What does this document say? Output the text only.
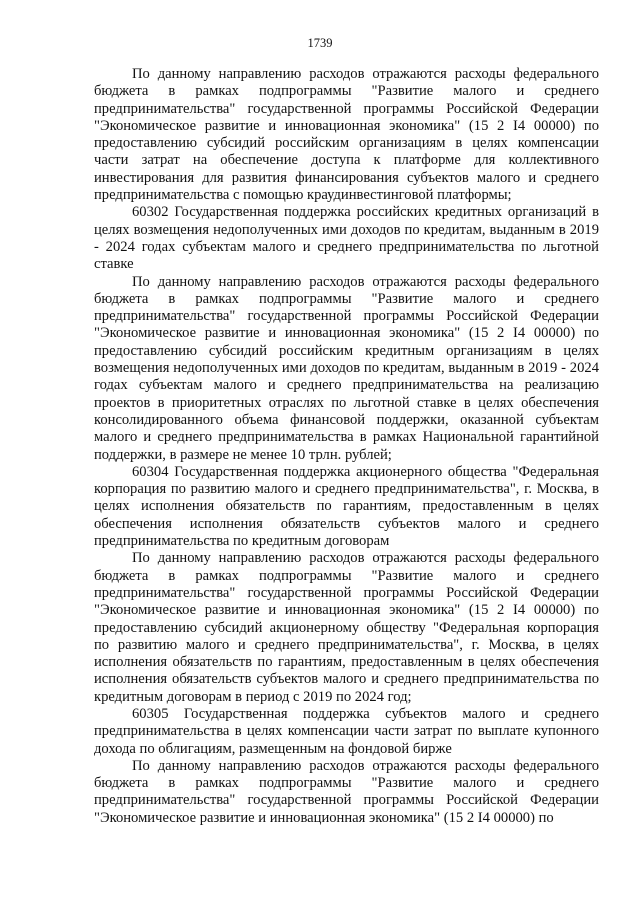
1739

По данному направлению расходов отражаются расходы федерального бюджета в рамках подпрограммы "Развитие малого и среднего предпринимательства" государственной программы Российской Федерации "Экономическое развитие и инновационная экономика" (15 2 I4 00000) по предоставлению субсидий российским организациям в целях компенсации части затрат на обеспечение доступа к платформе для коллективного инвестирования для развития финансирования субъектов малого и среднего предпринимательства с помощью краудинвестинговой платформы;

60302 Государственная поддержка российских кредитных организаций в целях возмещения недополученных ими доходов по кредитам, выданным в 2019 - 2024 годах субъектам малого и среднего предпринимательства по льготной ставке

По данному направлению расходов отражаются расходы федерального бюджета в рамках подпрограммы "Развитие малого и среднего предпринимательства" государственной программы Российской Федерации "Экономическое развитие и инновационная экономика" (15 2 I4 00000) по предоставлению субсидий российским кредитным организациям в целях возмещения недополученных ими доходов по кредитам, выданным в 2019 - 2024 годах субъектам малого и среднего предпринимательства на реализацию проектов в приоритетных отраслях по льготной ставке в целях обеспечения консолидированного объема финансовой поддержки, оказанной субъектам малого и среднего предпринимательства в рамках Национальной гарантийной поддержки, в размере не менее 10 трлн. рублей;

60304 Государственная поддержка акционерного общества "Федеральная корпорация по развитию малого и среднего предпринимательства", г. Москва, в целях исполнения обязательств по гарантиям, предоставленным в целях обеспечения исполнения обязательств субъектов малого и среднего предпринимательства по кредитным договорам

По данному направлению расходов отражаются расходы федерального бюджета в рамках подпрограммы "Развитие малого и среднего предпринимательства" государственной программы Российской Федерации "Экономическое развитие и инновационная экономика" (15 2 I4 00000) по предоставлению субсидий акционерному обществу "Федеральная корпорация по развитию малого и среднего предпринимательства", г. Москва, в целях исполнения обязательств по гарантиям, предоставленным в целях обеспечения исполнения обязательств субъектов малого и среднего предпринимательства по кредитным договорам в период с 2019 по 2024 год;

60305 Государственная поддержка субъектов малого и среднего предпринимательства в целях компенсации части затрат по выплате купонного дохода по облигациям, размещенным на фондовой бирже

По данному направлению расходов отражаются расходы федерального бюджета в рамках подпрограммы "Развитие малого и среднего предпринимательства" государственной программы Российской Федерации "Экономическое развитие и инновационная экономика" (15 2 I4 00000) по
